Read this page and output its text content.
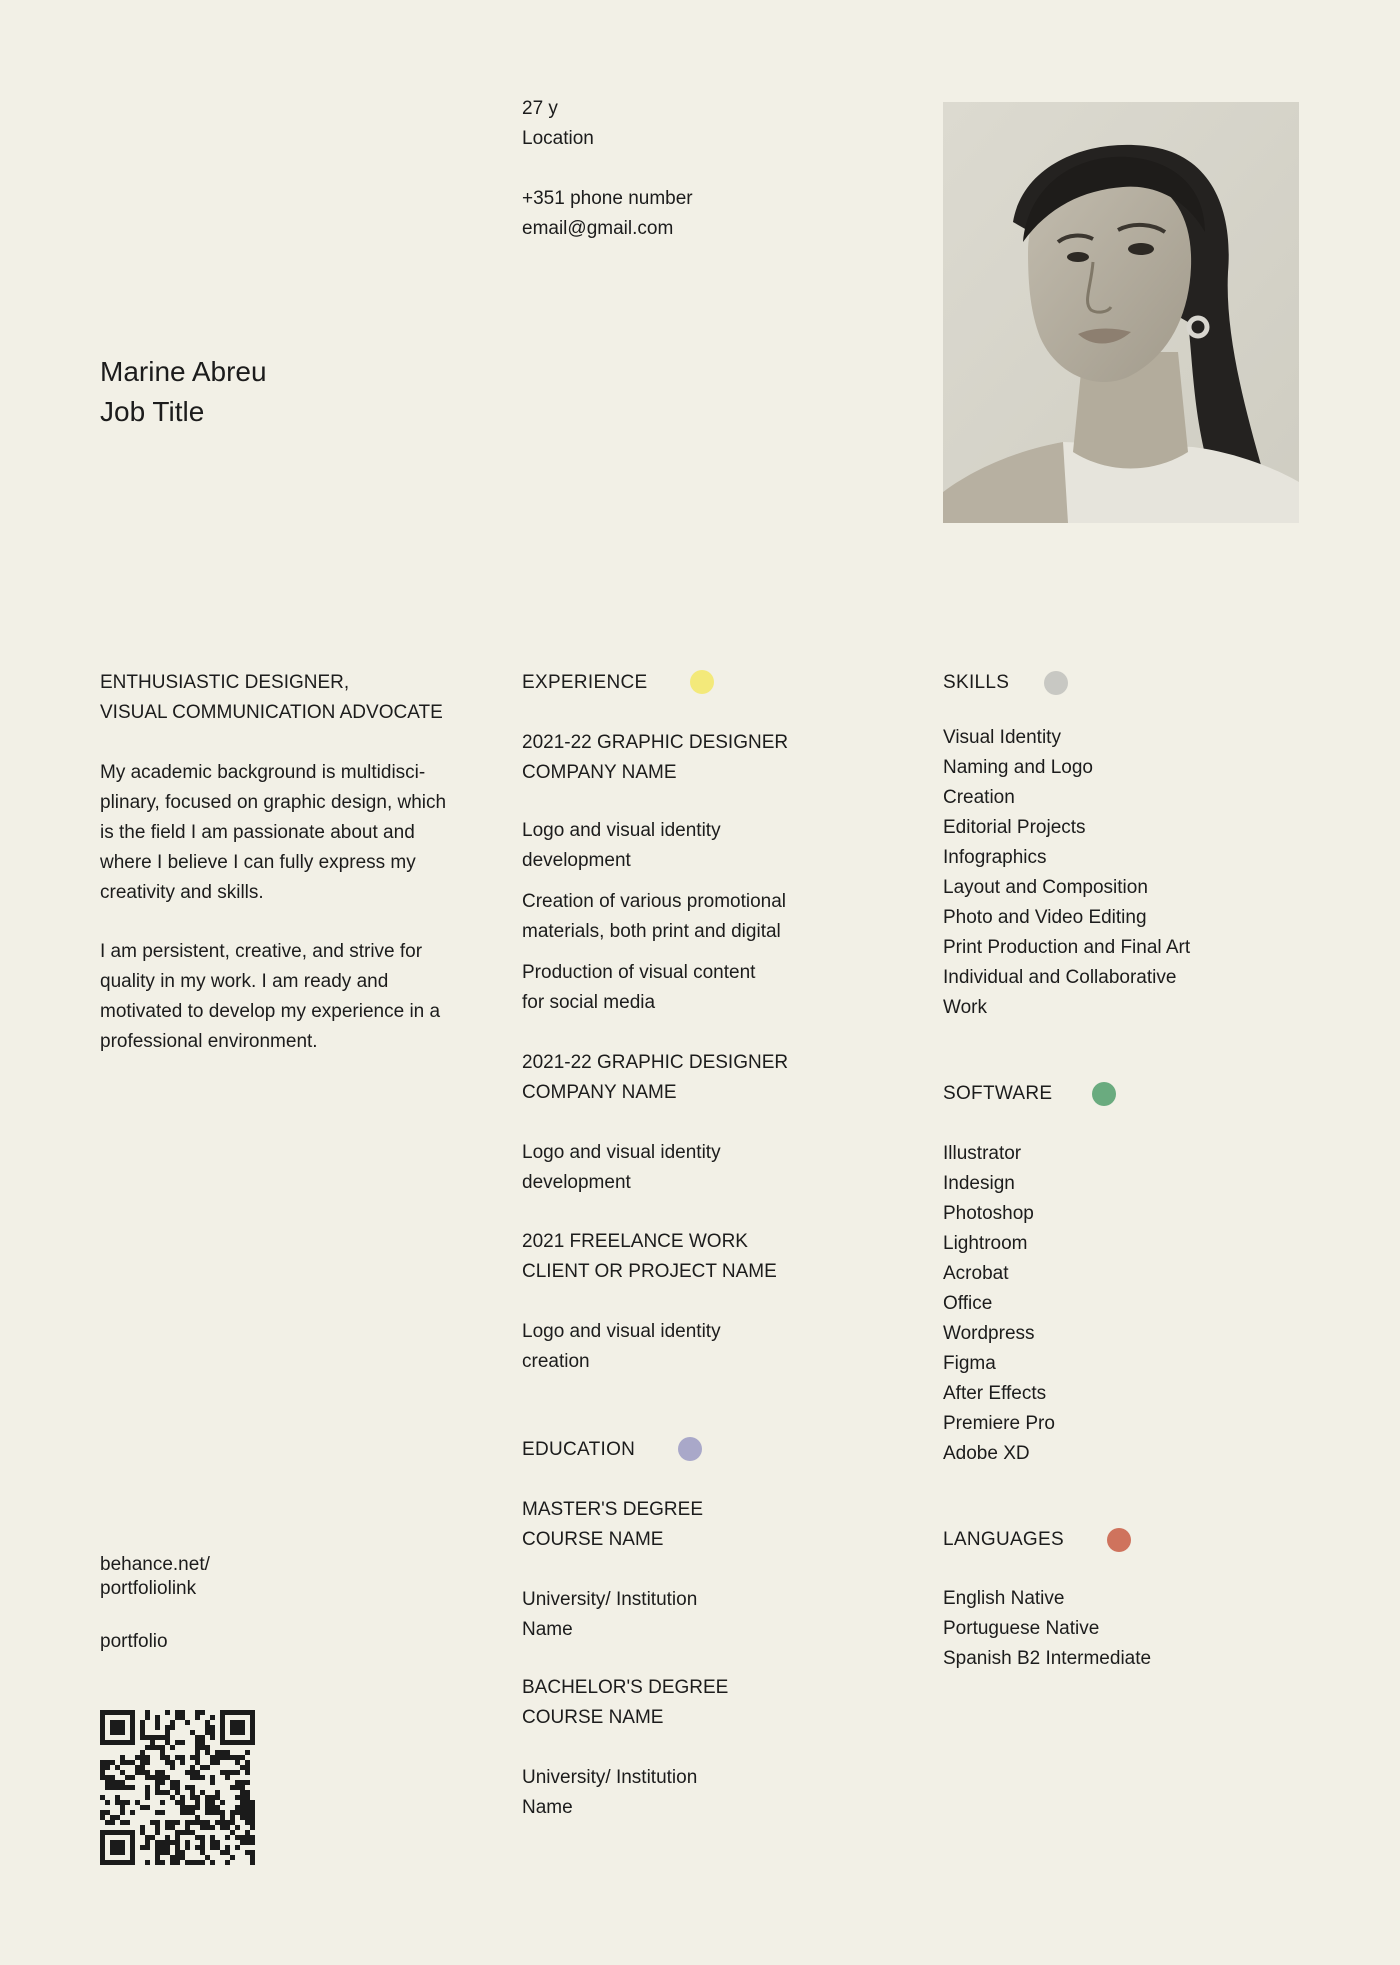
Marine Abreu
Job Title
27 y
Location
+351 phone number
email@gmail.com
ENTHUSIASTIC DESIGNER,
VISUAL COMMUNICATION ADVOCATE
My academic background is multidisci-plinary, focused on graphic design, which is the field I am passionate about and where I believe I can fully express my creativity and skills.
I am persistent, creative, and strive for quality in my work. I am ready and motivated to develop my experience in a professional environment.
behance.net/
portfoliolink
portfolio
EXPERIENCE
2021-22 GRAPHIC DESIGNER
COMPANY NAME
Logo and visual identity
development
Creation of various promotional
materials, both print and digital
Production of visual content
for social media
2021-22 GRAPHIC DESIGNER
COMPANY NAME
Logo and visual identity
development
2021 FREELANCE WORK
CLIENT OR PROJECT NAME
Logo and visual identity
creation
EDUCATION
MASTER'S DEGREE
COURSE NAME
University/ Institution
Name
BACHELOR'S DEGREE
COURSE NAME
University/ Institution
Name
SKILLS
Visual Identity
Naming and Logo
Creation
Editorial Projects
Infographics
Layout and Composition
Photo and Video Editing
Print Production and Final Art
Individual and Collaborative
Work
SOFTWARE
Illustrator
Indesign
Photoshop
Lightroom
Acrobat
Office
Wordpress
Figma
After Effects
Premiere Pro
Adobe XD
LANGUAGES
English Native
Portuguese Native
Spanish B2 Intermediate
